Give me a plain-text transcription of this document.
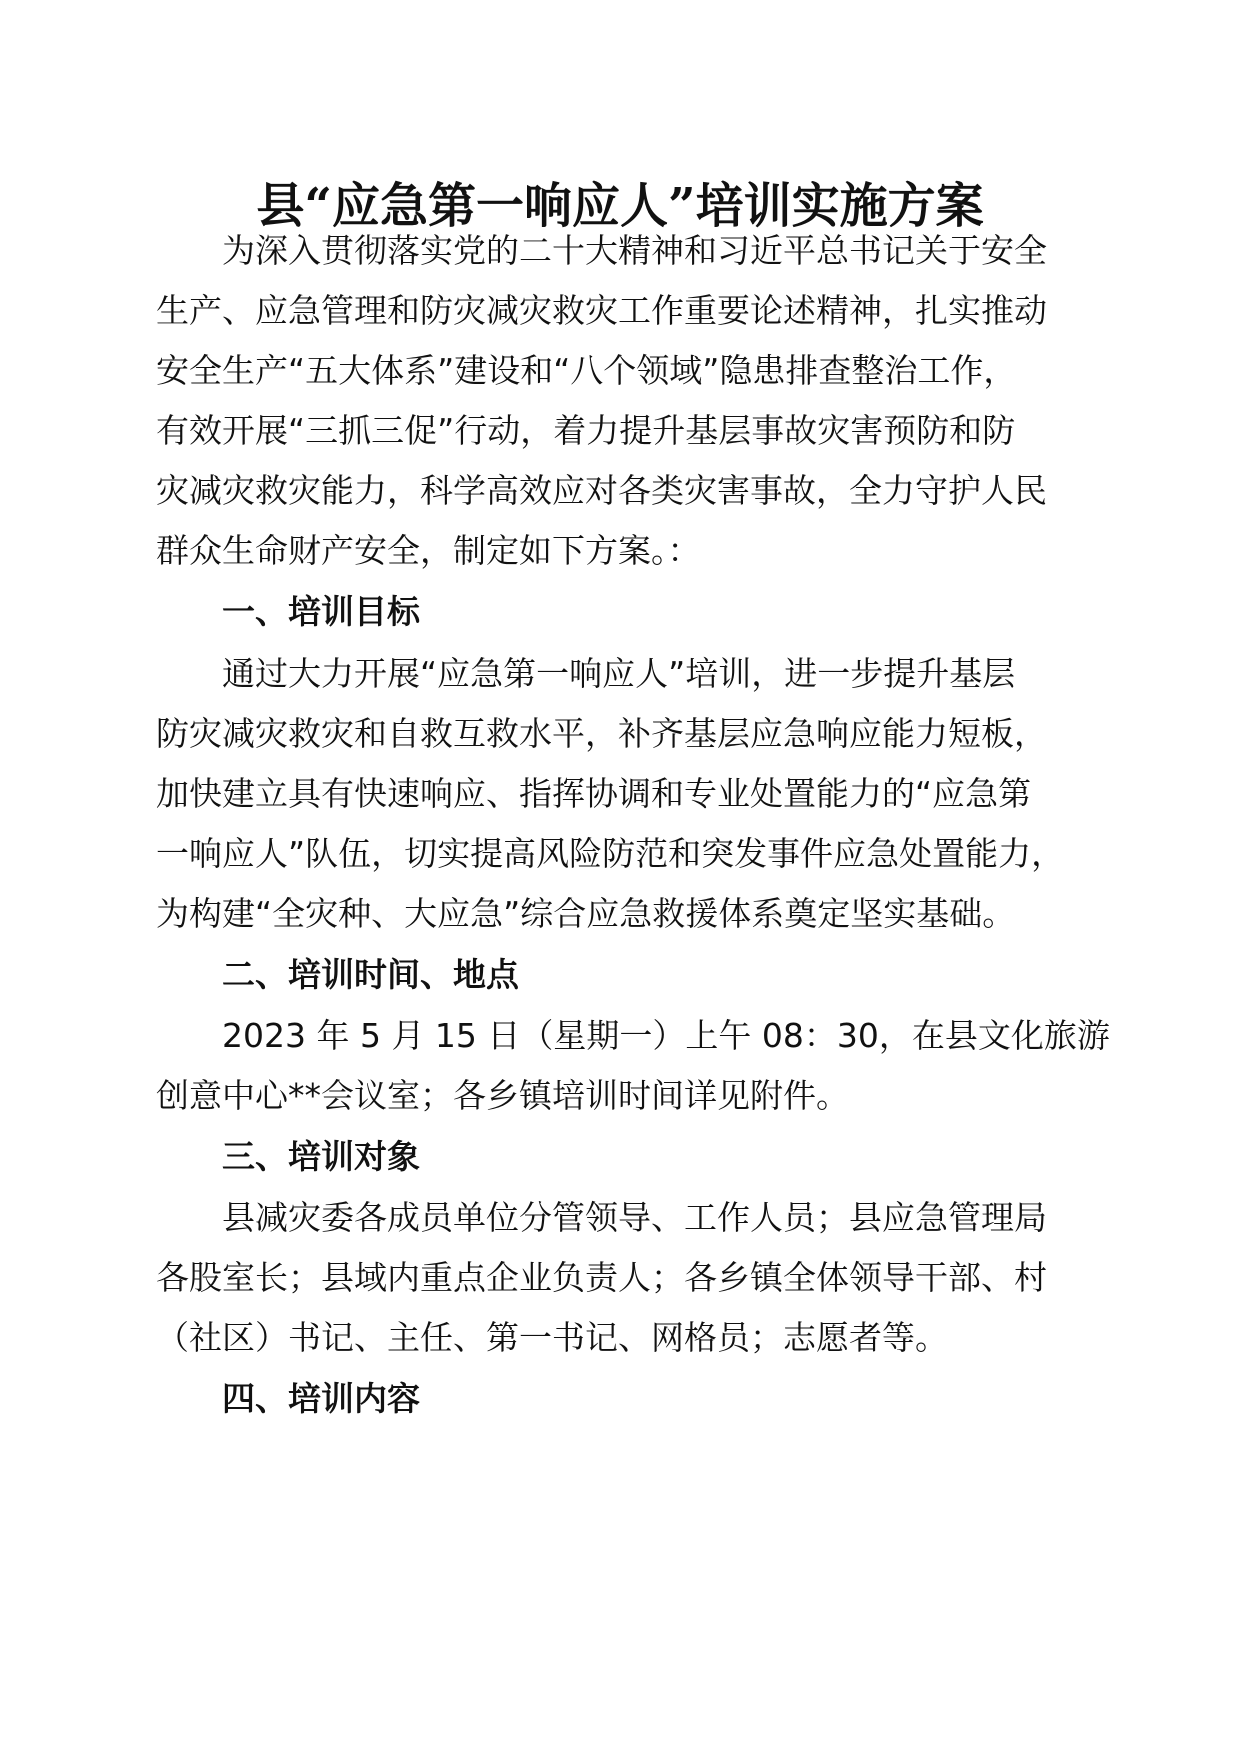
县“应急第一响应人”培训实施方案
为深入贯彻落实党的二十大精神和习近平总书记关于安全
生产、应急管理和防灾减灾救灾工作重要论述精神，扎实推动
安全生产“五大体系”建设和“八个领域”隐患排查整治工作，
有效开展“三抓三促”行动，着力提升基层事故灾害预防和防
灾减灾救灾能力，科学高效应对各类灾害事故，全力守护人民
群众生命财产安全，制定如下方案。：
一、培训目标
通过大力开展“应急第一响应人”培训，进一步提升基层
防灾减灾救灾和自救互救水平，补齐基层应急响应能力短板，
加快建立具有快速响应、指挥协调和专业处置能力的“应急第
一响应人”队伍，切实提高风险防范和突发事件应急处置能力，
为构建“全灾种、大应急”综合应急救援体系奠定坚实基础。
二、培训时间、地点
2023 年 5 月 15 日（星期一）上午 08：30，在县文化旅游
创意中心**会议室；各乡镇培训时间详见附件。
三、培训对象
县减灾委各成员单位分管领导、工作人员；县应急管理局
各股室长；县域内重点企业负责人；各乡镇全体领导干部、村
（社区）书记、主任、第一书记、网格员；志愿者等。
四、培训内容
